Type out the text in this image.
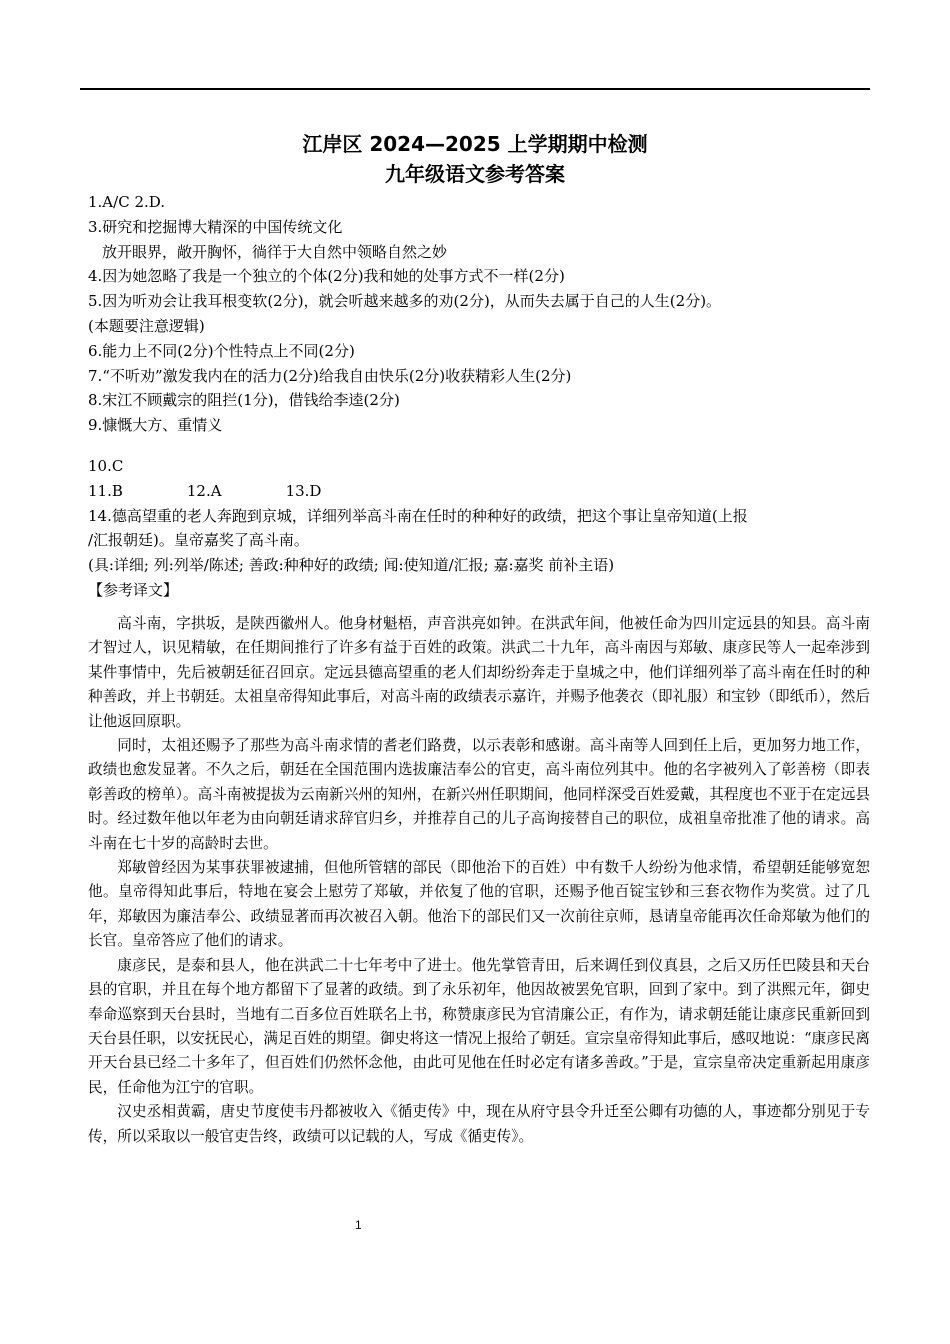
江岸区 2024—2025 上学期期中检测

九年级语文参考答案

1.A/C 2.D.

3.研究和挖掘博大精深的中国传统文化

放开眼界，敞开胸怀，徜徉于大自然中领略自然之妙

4.因为她忽略了我是一个独立的个体(2分)我和她的处事方式不一样(2分)

5.因为听劝会让我耳根变软(2分)，就会听越来越多的劝(2分)，从而失去属于自己的人生(2分)。

(本题要注意逻辑)

6.能力上不同(2分)个性特点上不同(2分)

7.“不听劝”激发我内在的活力(2分)给我自由快乐(2分)收获精彩人生(2分)

8.宋江不顾戴宗的阻拦(1分)，借钱给李逵(2分)

9.慷慨大方、重情义

10.C

11.B	12.A	13.D

14.德高望重的老人奔跑到京城，详细列举高斗南在任时的种种好的政绩，把这个事让皇帝知道(上报

/汇报朝廷)。皇帝嘉奖了高斗南。

(具:详细; 列:列举/陈述; 善政:种种好的政绩; 闻:使知道/汇报; 嘉:嘉奖 前补主语)

【参考译文】

高斗南，字拱坂，是陕西徽州人。他身材魁梧，声音洪亮如钟。在洪武年间，他被任命为四川定远县的知县。高斗南才智过人，识见精敏，在任期间推行了许多有益于百姓的政策。洪武二十九年，高斗南因与郑敏、康彦民等人一起牵涉到某件事情中，先后被朝廷征召回京。定远县德高望重的老人们却纷纷奔走于皇城之中，他们详细列举了高斗南在任时的种种善政，并上书朝廷。太祖皇帝得知此事后，对高斗南的政绩表示嘉许，并赐予他袭衣（即礼服）和宝钞（即纸币），然后让他返回原职。

同时，太祖还赐予了那些为高斗南求情的耆老们路费，以示表彰和感谢。高斗南等人回到任上后，更加努力地工作，政绩也愈发显著。不久之后，朝廷在全国范围内选拔廉洁奉公的官吏，高斗南位列其中。他的名字被列入了彰善榜（即表彰善政的榜单）。高斗南被提拔为云南新兴州的知州，在新兴州任职期间，他同样深受百姓爱戴，其程度也不亚于在定远县时。经过数年他以年老为由向朝廷请求辞官归乡，并推荐自己的儿子高询接替自己的职位，成祖皇帝批准了他的请求。高斗南在七十岁的高龄时去世。

郑敏曾经因为某事获罪被逮捕，但他所管辖的部民（即他治下的百姓）中有数千人纷纷为他求情，希望朝廷能够宽恕他。皇帝得知此事后，特地在宴会上慰劳了郑敏，并依复了他的官职，还赐予他百锭宝钞和三套衣物作为奖赏。过了几年，郑敏因为廉洁奉公、政绩显著而再次被召入朝。他治下的部民们又一次前往京师，恳请皇帝能再次任命郑敏为他们的长官。皇帝答应了他们的请求。

康彦民，是泰和县人，他在洪武二十七年考中了进士。他先掌管青田，后来调任到仪真县，之后又历任巴陵县和天台县的官职，并且在每个地方都留下了显著的政绩。到了永乐初年，他因故被罢免官职，回到了家中。到了洪熙元年，御史奉命巡察到天台县时，当地有二百多位百姓联名上书，称赞康彦民为官清廉公正，有作为，请求朝廷能让康彦民重新回到天台县任职，以安抚民心，满足百姓的期望。御史将这一情况上报给了朝廷。宣宗皇帝得知此事后，感叹地说：“康彦民离开天台县已经二十多年了，但百姓们仍然怀念他，由此可见他在任时必定有诸多善政。”于是，宣宗皇帝决定重新起用康彦民，任命他为江宁的官职。

汉史丞相黄霸，唐史节度使韦丹都被收入《循吏传》中，现在从府守县令升迁至公卿有功德的人，事迹都分别见于专传，所以采取以一般官吏告终，政绩可以记载的人，写成《循吏传》。

1
